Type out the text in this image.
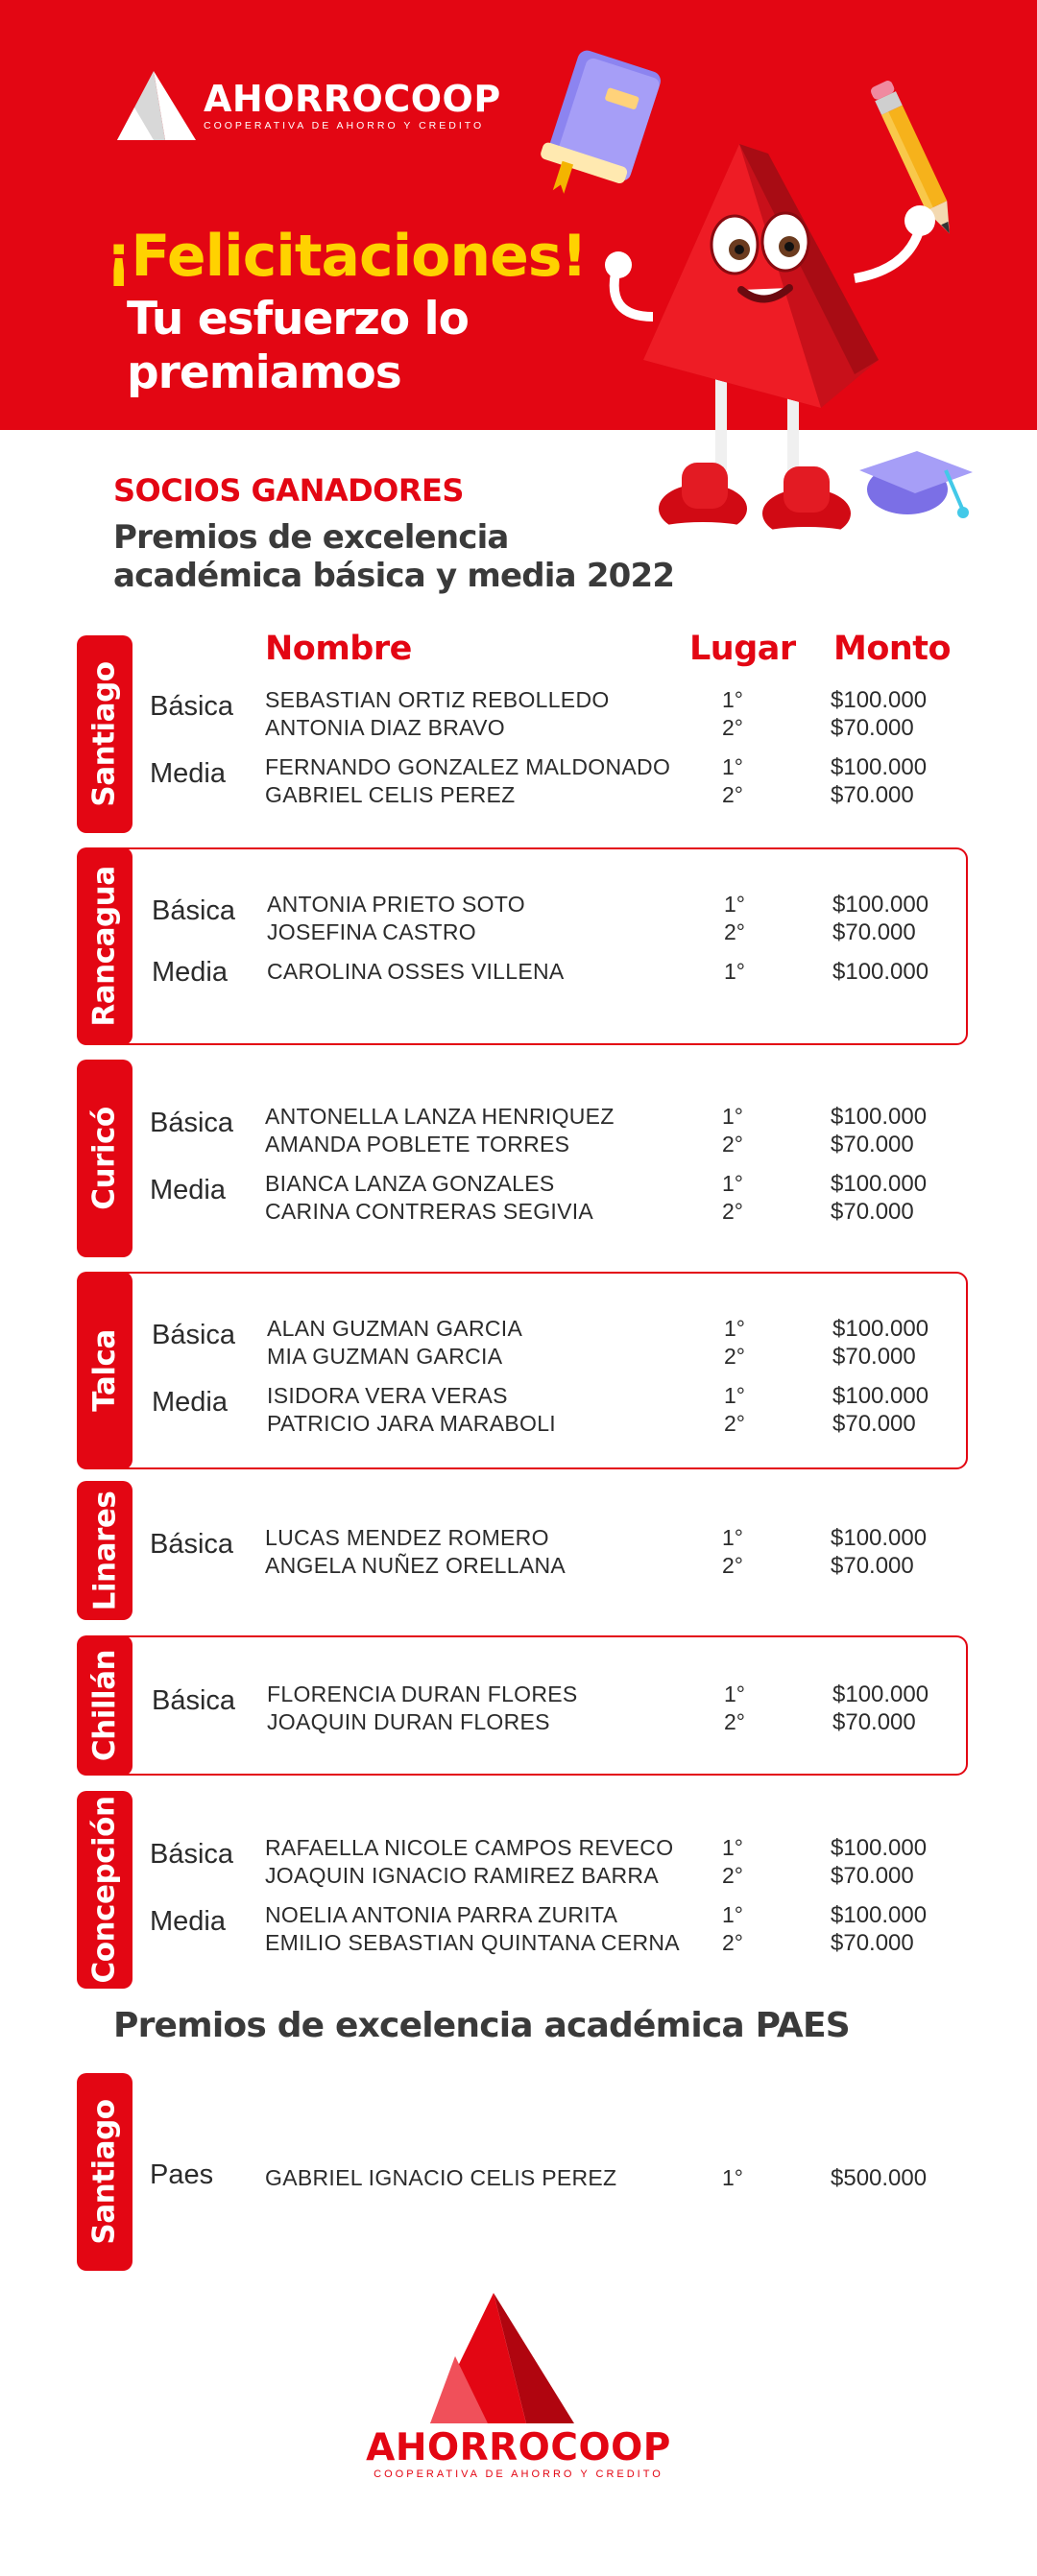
AHORROCOOP
COOPERATIVA DE AHORRO Y CREDITO
¡Felicitaciones!
Tu esfuerzo lo
premiamos
SOCIOS GANADORES
Premios de excelencia
académica básica y media 2022
Nombre	Lugar Monto
Santiago Básica SEBASTIAN ORTIZ REBOLLEDO	1°	$100.000
ANTONIA DIAZ BRAVO	2°	$70.000
Media FERNANDO GONZALEZ MALDONADO 1°	$100.000
GABRIEL CELIS PEREZ	2°	$70.000
Rancagua Básica ANTONIA PRIETO SOTO	1°	$100.000
JOSEFINA CASTRO	2°	$70.000
Media CAROLINA OSSES VILLENA	1°	$100.000
Curicó Básica ANTONELLA LANZA HENRIQUEZ	1°	$100.000
AMANDA POBLETE TORRES	2°	$70.000
Media BIANCA LANZA GONZALES	1°	$100.000
CARINA CONTRERAS SEGIVIA	2°	$70.000
Talca Básica ALAN GUZMAN GARCIA	1°	$100.000
MIA GUZMAN GARCIA	2°	$70.000
Media ISIDORA VERA VERAS	1°	$100.000
PATRICIO JARA MARABOLI	2°	$70.000
Linares Básica LUCAS MENDEZ ROMERO	1°	$100.000
ANGELA NUÑEZ ORELLANA	2°	$70.000
Chillán Básica FLORENCIA DURAN FLORES	1°	$100.000
JOAQUIN DURAN FLORES	2°	$70.000
Concepción Básica RAFAELLA NICOLE CAMPOS REVECO 1°	$100.000
JOAQUIN IGNACIO RAMIREZ BARRA	2°	$70.000
Media NOELIA ANTONIA PARRA ZURITA	1°	$100.000
EMILIO SEBASTIAN QUINTANA CERNA 2°	$70.000
Premios de excelencia académica PAES
Santiago Paes GABRIEL IGNACIO CELIS PEREZ	1°	$500.000
AHORROCOOP
COOPERATIVA DE AHORRO Y CREDITO
